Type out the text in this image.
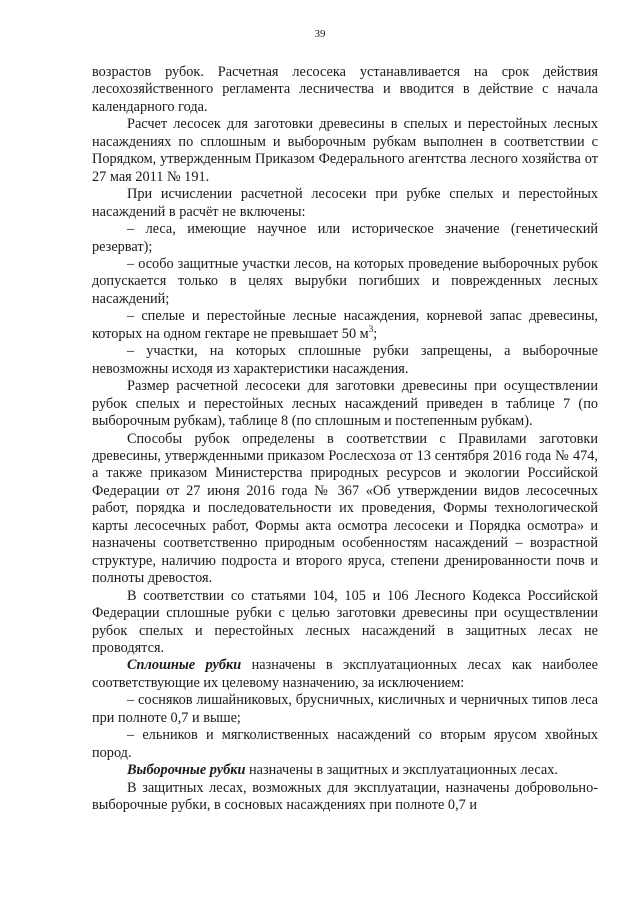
39

возрастов рубок. Расчетная лесосека устанавливается на срок действия лесохозяйственного регламента лесничества и вводится в действие с начала календарного года.

Расчет лесосек для заготовки древесины в спелых и перестойных лесных насаждениях по сплошным и выборочным рубкам выполнен в соответствии с Порядком, утвержденным Приказом Федерального агентства лесного хозяйства от 27 мая 2011 № 191.

При исчислении расчетной лесосеки при рубке спелых и перестойных насаждений в расчёт не включены:

– леса, имеющие научное или историческое значение (генетический резерват);

– особо защитные участки лесов, на которых проведение выборочных рубок допускается только в целях вырубки погибших и поврежденных лесных насаждений;

– спелые и перестойные лесные насаждения, корневой запас древесины, которых на одном гектаре не превышает 50 $м^3$;

– участки, на которых сплошные рубки запрещены, а выборочные невозможны исходя из характеристики насаждения.

Размер расчетной лесосеки для заготовки древесины при осуществлении рубок спелых и перестойных лесных насаждений приведен в таблице 7 (по выборочным рубкам), таблице 8 (по сплошным и постепенным рубкам).

Способы рубок определены в соответствии с Правилами заготовки древесины, утвержденными приказом Рослесхоза от 13 сентября 2016 года № 474, а также приказом Министерства природных ресурсов и экологии Российской Федерации от 27 июня 2016 года № 367 «Об утверждении видов лесосечных работ, порядка и последовательности их проведения, Формы технологической карты лесосечных работ, Формы акта осмотра лесосеки и Порядка осмотра» и назначены соответственно природным особенностям насаждений – возрастной структуре, наличию подроста и второго яруса, степени дренированности почв и полноты древостоя.

В соответствии со статьями 104, 105 и 106 Лесного Кодекса Российской Федерации сплошные рубки с целью заготовки древесины при осуществлении рубок спелых и перестойных лесных насаждений в защитных лесах не проводятся.

Сплошные рубки назначены в эксплуатационных лесах как наиболее соответствующие их целевому назначению, за исключением:

– сосняков лишайниковых, брусничных, кисличных и черничных типов леса при полноте 0,7 и выше;

– ельников и мягколиственных насаждений со вторым ярусом хвойных пород.

Выборочные рубки назначены в защитных и эксплуатационных лесах.

В защитных лесах, возможных для эксплуатации, назначены добровольно-выборочные рубки, в сосновых насаждениях при полноте 0,7 и
